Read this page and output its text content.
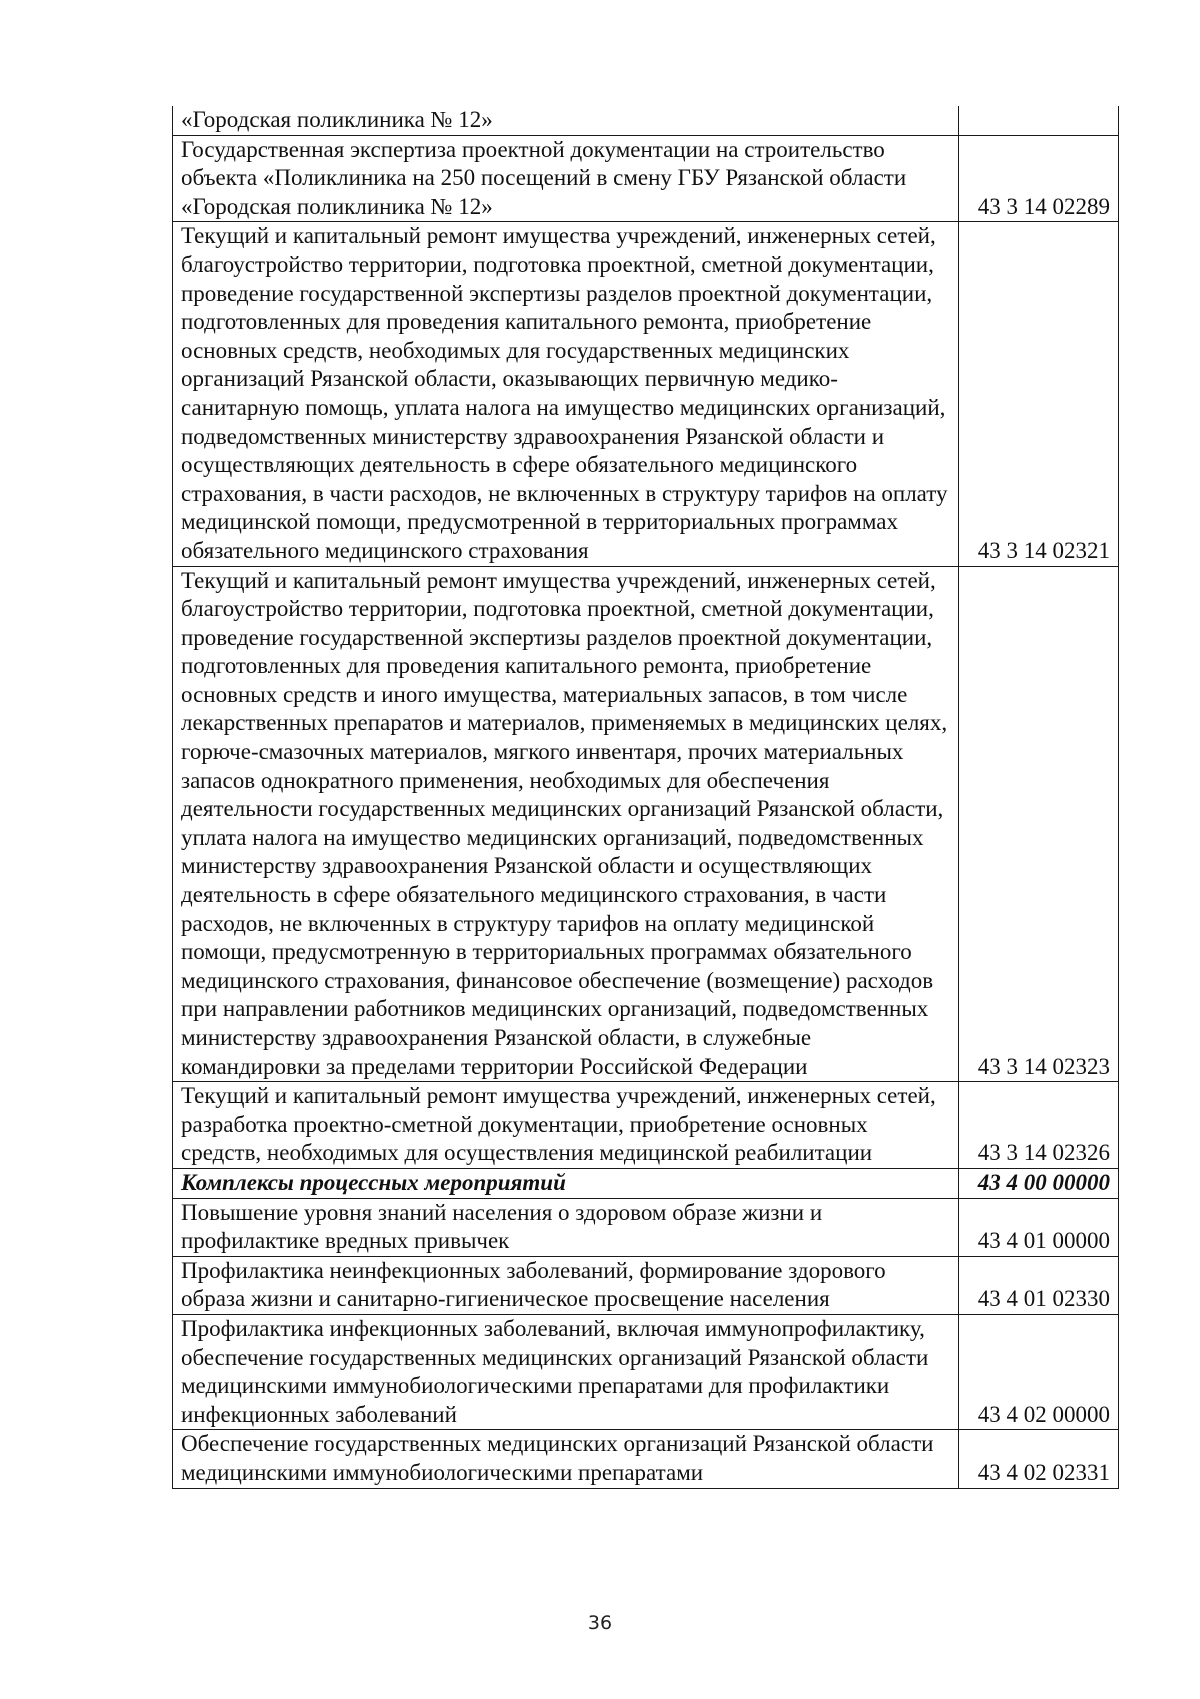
«Городская поликлиника № 12»	
Государственная экспертиза проектной документации на строительство объекта «Поликлиника на 250 посещений в смену ГБУ Рязанской области «Городская поликлиника № 12»	43 3 14 02289
Текущий и капитальный ремонт имущества учреждений, инженерных сетей, благоустройство территории, подготовка проектной, сметной документации, проведение государственной экспертизы разделов проектной документации, подготовленных для проведения капитального ремонта, приобретение основных средств, необходимых для государственных медицинских организаций Рязанской области, оказывающих первичную медико-санитарную помощь, уплата налога на имущество медицинских организаций, подведомственных министерству здравоохранения Рязанской области и осуществляющих деятельность в сфере обязательного медицинского страхования, в части расходов, не включенных в структуру тарифов на оплату медицинской помощи, предусмотренной в территориальных программах обязательного медицинского страхования	43 3 14 02321
Текущий и капитальный ремонт имущества учреждений, инженерных сетей, благоустройство территории, подготовка проектной, сметной документации, проведение государственной экспертизы разделов проектной документации, подготовленных для проведения капитального ремонта, приобретение основных средств и иного имущества, материальных запасов, в том числе лекарственных препаратов и материалов, применяемых в медицинских целях, горюче-смазочных материалов, мягкого инвентаря, прочих материальных запасов однократного применения, необходимых для обеспечения деятельности государственных медицинских организаций Рязанской области, уплата налога на имущество медицинских организаций, подведомственных министерству здравоохранения Рязанской области и осуществляющих деятельность в сфере обязательного медицинского страхования, в части расходов, не включенных в структуру тарифов на оплату медицинской помощи, предусмотренную в территориальных программах обязательного медицинского страхования, финансовое обеспечение (возмещение) расходов при направлении работников медицинских организаций, подведомственных министерству здравоохранения Рязанской области, в служебные командировки за пределами территории Российской Федерации	43 3 14 02323
Текущий и капитальный ремонт имущества учреждений, инженерных сетей, разработка проектно-сметной документации, приобретение основных средств, необходимых для осуществления медицинской реабилитации	43 3 14 02326
Комплексы процессных мероприятий	43 4 00 00000
Повышение уровня знаний населения о здоровом образе жизни и профилактике вредных привычек	43 4 01 00000
Профилактика неинфекционных заболеваний, формирование здорового образа жизни и санитарно-гигиеническое просвещение населения	43 4 01 02330
Профилактика инфекционных заболеваний, включая иммунопрофилактику, обеспечение государственных медицинских организаций Рязанской области медицинскими иммунобиологическими препаратами для профилактики инфекционных заболеваний	43 4 02 00000
Обеспечение государственных медицинских организаций Рязанской области медицинскими иммунобиологическими препаратами	43 4 02 02331
36
